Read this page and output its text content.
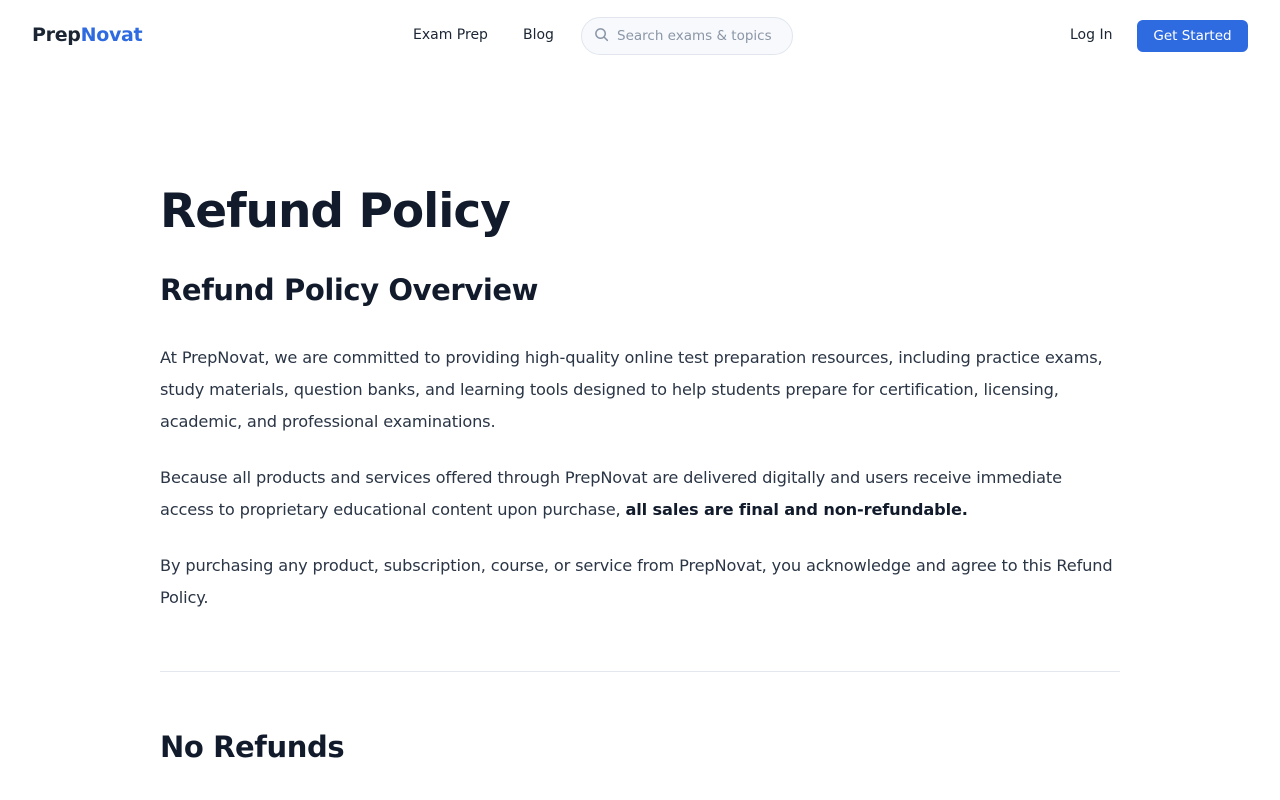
PrepNovat	Exam Prep	Blog
Search exams & topics	Log In	Get Started
Refund Policy
Refund Policy Overview

At PrepNovat, we are committed to providing high-quality online test preparation resources, including practice exams, study materials, question banks, and learning tools designed to help students prepare for certification, licensing, academic, and professional examinations.

Because all products and services offered through PrepNovat are delivered digitally and users receive immediate access to proprietary educational content upon purchase, all sales are final and non-refundable.

By purchasing any product, subscription, course, or service from PrepNovat, you acknowledge and agree to this Refund Policy.

No Refunds
